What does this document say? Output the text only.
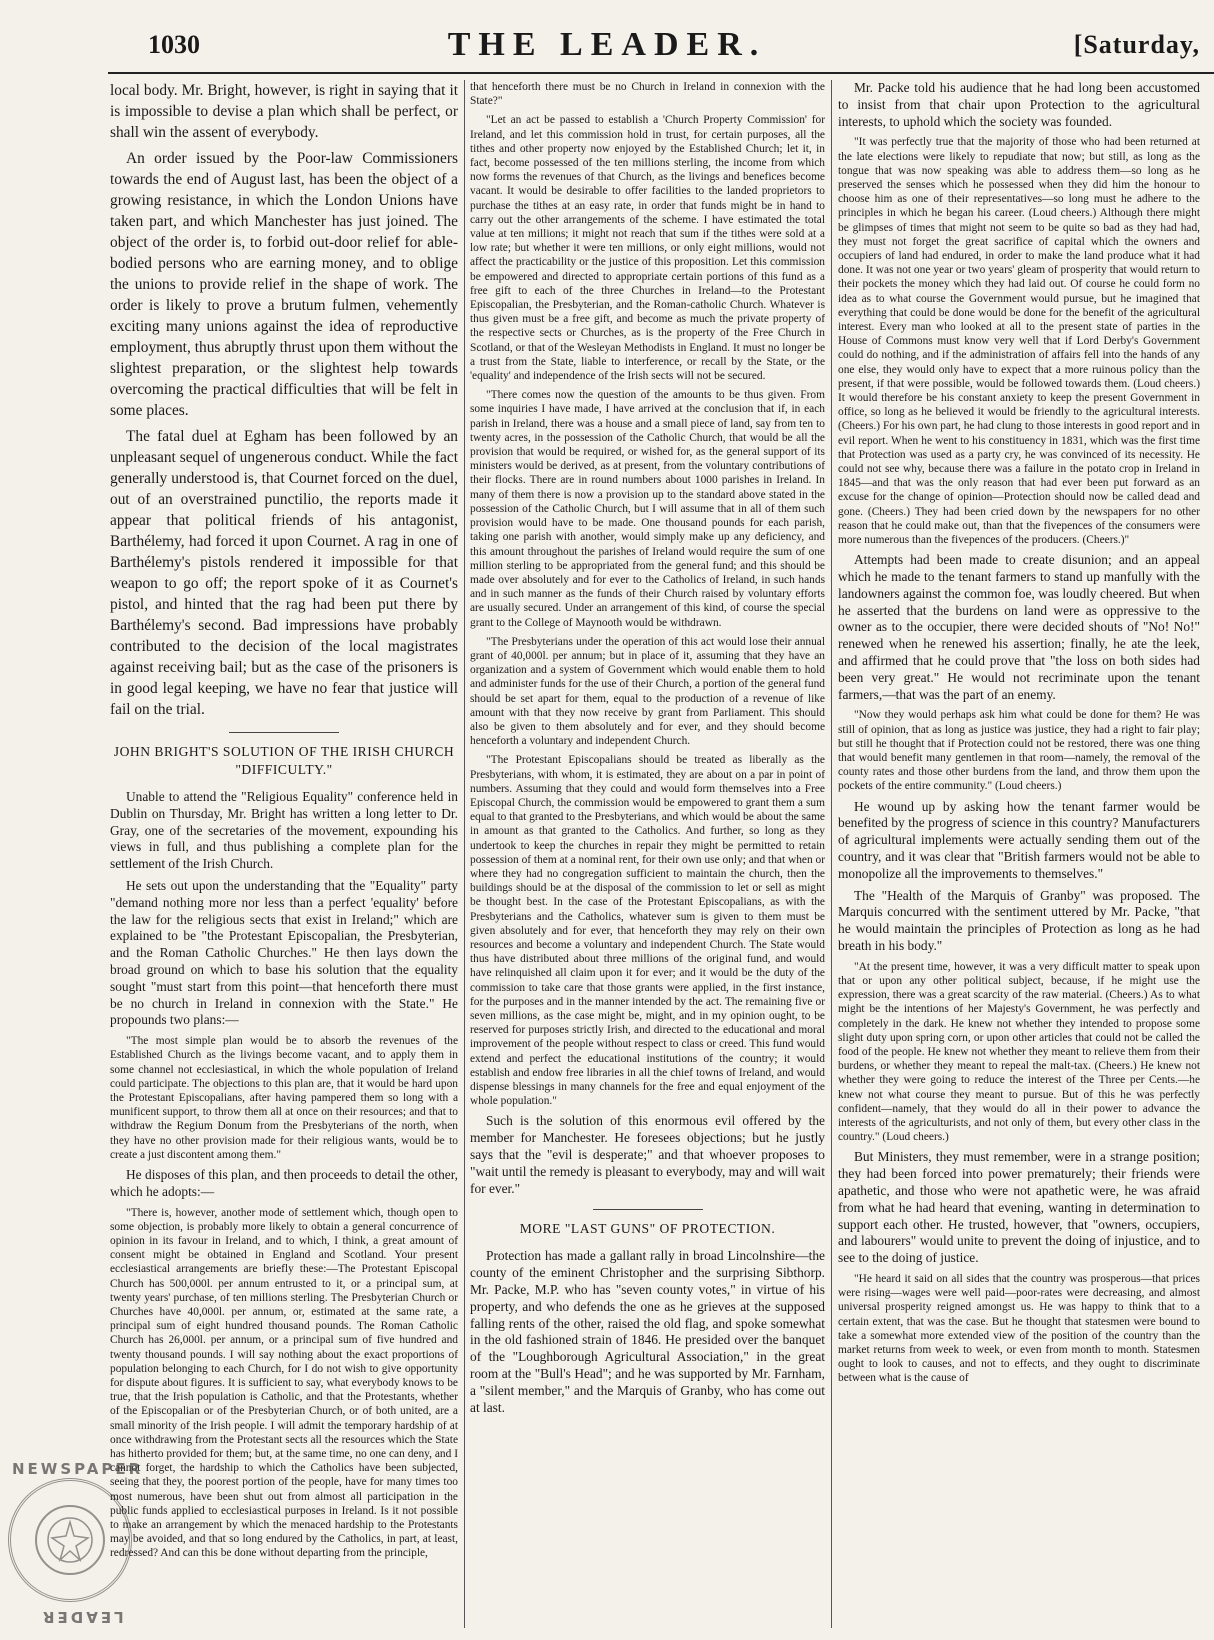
1030	THE LEADER.	[Saturday,

local body. Mr. Bright, however, is right in saying that it is impossible to devise a plan which shall be perfect, or shall win the assent of everybody.

An order issued by the Poor-law Commissioners towards the end of August last, has been the object of a growing resistance, in which the London Unions have taken part, and which Manchester has just joined. The object of the order is, to forbid out-door relief for able-bodied persons who are earning money, and to oblige the unions to provide relief in the shape of work. The order is likely to prove a brutum fulmen, vehemently exciting many unions against the idea of reproductive employment, thus abruptly thrust upon them without the slightest preparation, or the slightest help towards overcoming the practical difficulties that will be felt in some places.

The fatal duel at Egham has been followed by an unpleasant sequel of ungenerous conduct. While the fact generally understood is, that Cournet forced on the duel, out of an overstrained punctilio, the reports made it appear that political friends of his antagonist, Barthélemy, had forced it upon Cournet. A rag in one of Barthélemy's pistols rendered it impossible for that weapon to go off; the report spoke of it as Cournet's pistol, and hinted that the rag had been put there by Barthélemy's second. Bad impressions have probably contributed to the decision of the local magistrates against receiving bail; but as the case of the prisoners is in good legal keeping, we have no fear that justice will fail on the trial.

JOHN BRIGHT'S SOLUTION OF THE IRISH CHURCH "DIFFICULTY."

Unable to attend the "Religious Equality" conference held in Dublin on Thursday, Mr. Bright has written a long letter to Dr. Gray, one of the secretaries of the movement, expounding his views in full, and thus publishing a complete plan for the settlement of the Irish Church.

He sets out upon the understanding that the "Equality" party "demand nothing more nor less than a perfect 'equality' before the law for the religious sects that exist in Ireland;" which are explained to be "the Protestant Episcopalian, the Presbyterian, and the Roman Catholic Churches." He then lays down the broad ground on which to base his solution that the equality sought "must start from this point—that henceforth there must be no church in Ireland in connexion with the State." He propounds two plans:—

"The most simple plan would be to absorb the revenues of the Established Church as the livings become vacant, and to apply them in some channel not ecclesiastical, in which the whole population of Ireland could participate. The objections to this plan are, that it would be hard upon the Protestant Episcopalians, after having pampered them so long with a munificent support, to throw them all at once on their resources; and that to withdraw the Regium Donum from the Presbyterians of the north, when they have no other provision made for their religious wants, would be to create a just discontent among them."

He disposes of this plan, and then proceeds to detail the other, which he adopts:—

"There is, however, another mode of settlement which, though open to some objection, is probably more likely to obtain a general concurrence of opinion in its favour in Ireland, and to which, I think, a great amount of consent might be obtained in England and Scotland. Your present ecclesiastical arrangements are briefly these:—The Protestant Episcopal Church has 500,000l. per annum entrusted to it, or a principal sum, at twenty years' purchase, of ten millions sterling. The Presbyterian Church or Churches have 40,000l. per annum, or, estimated at the same rate, a principal sum of eight hundred thousand pounds. The Roman Catholic Church has 26,000l. per annum, or a principal sum of five hundred and twenty thousand pounds. I will say nothing about the exact proportions of population belonging to each Church, for I do not wish to give opportunity for dispute about figures. It is sufficient to say, what everybody knows to be true, that the Irish population is Catholic, and that the Protestants, whether of the Episcopalian or of the Presbyterian Church, or of both united, are a small minority of the Irish people. I will admit the temporary hardship of at once withdrawing from the Protestant sects all the resources which the State has hitherto provided for them; but, at the same time, no one can deny, and I cannot forget, the hardship to which the Catholics have been subjected, seeing that they, the poorest portion of the people, have for many times too most numerous, have been shut out from almost all participation in the public funds applied to ecclesiastical purposes in Ireland. Is it not possible to make an arrangement by which the menaced hardship to the Protestants may be avoided, and that so long endured by the Catholics, in part, at least, redressed? And can this be done without departing from the principle,

that henceforth there must be no Church in Ireland in connexion with the State?"

"Let an act be passed to establish a 'Church Property Commission' for Ireland, and let this commission hold in trust, for certain purposes, all the tithes and other property now enjoyed by the Established Church; let it, in fact, become possessed of the ten millions sterling, the income from which now forms the revenues of that Church, as the livings and benefices become vacant. It would be desirable to offer facilities to the landed proprietors to purchase the tithes at an easy rate, in order that funds might be in hand to carry out the other arrangements of the scheme. I have estimated the total value at ten millions; it might not reach that sum if the tithes were sold at a low rate; but whether it were ten millions, or only eight millions, would not affect the practicability or the justice of this proposition. Let this commission be empowered and directed to appropriate certain portions of this fund as a free gift to each of the three Churches in Ireland—to the Protestant Episcopalian, the Presbyterian, and the Roman-catholic Church. Whatever is thus given must be a free gift, and become as much the private property of the respective sects or Churches, as is the property of the Free Church in Scotland, or that of the Wesleyan Methodists in England. It must no longer be a trust from the State, liable to interference, or recall by the State, or the 'equality' and independence of the Irish sects will not be secured.

"There comes now the question of the amounts to be thus given. From some inquiries I have made, I have arrived at the conclusion that if, in each parish in Ireland, there was a house and a small piece of land, say from ten to twenty acres, in the possession of the Catholic Church, that would be all the provision that would be required, or wished for, as the general support of its ministers would be derived, as at present, from the voluntary contributions of their flocks. There are in round numbers about 1000 parishes in Ireland. In many of them there is now a provision up to the standard above stated in the possession of the Catholic Church, but I will assume that in all of them such provision would have to be made. One thousand pounds for each parish, taking one parish with another, would simply make up any deficiency, and this amount throughout the parishes of Ireland would require the sum of one million sterling to be appropriated from the general fund; and this should be made over absolutely and for ever to the Catholics of Ireland, in such hands and in such manner as the funds of their Church raised by voluntary efforts are usually secured. Under an arrangement of this kind, of course the special grant to the College of Maynooth would be withdrawn.

"The Presbyterians under the operation of this act would lose their annual grant of 40,000l. per annum; but in place of it, assuming that they have an organization and a system of Government which would enable them to hold and administer funds for the use of their Church, a portion of the general fund should be set apart for them, equal to the production of a revenue of like amount with that they now receive by grant from Parliament. This should also be given to them absolutely and for ever, and they should become henceforth a voluntary and independent Church.

"The Protestant Episcopalians should be treated as liberally as the Presbyterians, with whom, it is estimated, they are about on a par in point of numbers. Assuming that they could and would form themselves into a Free Episcopal Church, the commission would be empowered to grant them a sum equal to that granted to the Presbyterians, and which would be about the same in amount as that granted to the Catholics. And further, so long as they undertook to keep the churches in repair they might be permitted to retain possession of them at a nominal rent, for their own use only; and that when or where they had no congregation sufficient to maintain the church, then the buildings should be at the disposal of the commission to let or sell as might be thought best. In the case of the Protestant Episcopalians, as with the Presbyterians and the Catholics, whatever sum is given to them must be given absolutely and for ever, that henceforth they may rely on their own resources and become a voluntary and independent Church. The State would thus have distributed about three millions of the original fund, and would have relinquished all claim upon it for ever; and it would be the duty of the commission to take care that those grants were applied, in the first instance, for the purposes and in the manner intended by the act. The remaining five or seven millions, as the case might be, might, and in my opinion ought, to be reserved for purposes strictly Irish, and directed to the educational and moral improvement of the people without respect to class or creed. This fund would extend and perfect the educational institutions of the country; it would establish and endow free libraries in all the chief towns of Ireland, and would dispense blessings in many channels for the free and equal enjoyment of the whole population."

Such is the solution of this enormous evil offered by the member for Manchester. He foresees objections; but he justly says that the "evil is desperate;" and that whoever proposes to "wait until the remedy is pleasant to everybody, may and will wait for ever."

MORE "LAST GUNS" OF PROTECTION.

Protection has made a gallant rally in broad Lincolnshire—the county of the eminent Christopher and the surprising Sibthorp. Mr. Packe, M.P. who has "seven county votes," in virtue of his property, and who defends the one as he grieves at the supposed falling rents of the other, raised the old flag, and spoke somewhat in the old fashioned strain of 1846. He presided over the banquet of the "Loughborough Agricultural Association," in the great room at the "Bull's Head"; and he was supported by Mr. Farnham, a "silent member," and the Marquis of Granby, who has come out at last.

Mr. Packe told his audience that he had long been accustomed to insist from that chair upon Protection to the agricultural interests, to uphold which the society was founded.

"It was perfectly true that the majority of those who had been returned at the late elections were likely to repudiate that now; but still, as long as the tongue that was now speaking was able to address them—so long as he preserved the senses which he possessed when they did him the honour to choose him as one of their representatives—so long must he adhere to the principles in which he began his career. (Loud cheers.) Although there might be glimpses of times that might not seem to be quite so bad as they had had, they must not forget the great sacrifice of capital which the owners and occupiers of land had endured, in order to make the land produce what it had done. It was not one year or two years' gleam of prosperity that would return to their pockets the money which they had laid out. Of course he could form no idea as to what course the Government would pursue, but he imagined that everything that could be done would be done for the benefit of the agricultural interest. Every man who looked at all to the present state of parties in the House of Commons must know very well that if Lord Derby's Government could do nothing, and if the administration of affairs fell into the hands of any one else, they would only have to expect that a more ruinous policy than the present, if that were possible, would be followed towards them. (Loud cheers.) It would therefore be his constant anxiety to keep the present Government in office, so long as he believed it would be friendly to the agricultural interests. (Cheers.) For his own part, he had clung to those interests in good report and in evil report. When he went to his constituency in 1831, which was the first time that Protection was used as a party cry, he was convinced of its necessity. He could not see why, because there was a failure in the potato crop in Ireland in 1845—and that was the only reason that had ever been put forward as an excuse for the change of opinion—Protection should now be called dead and gone. (Cheers.) They had been cried down by the newspapers for no other reason that he could make out, than that the fivepences of the consumers were more numerous than the fivepences of the producers. (Cheers.)"

Attempts had been made to create disunion; and an appeal which he made to the tenant farmers to stand up manfully with the landowners against the common foe, was loudly cheered. But when he asserted that the burdens on land were as oppressive to the owner as to the occupier, there were decided shouts of "No! No!" renewed when he renewed his assertion; finally, he ate the leek, and affirmed that he could prove that "the loss on both sides had been very great." He would not recriminate upon the tenant farmers,—that was the part of an enemy.

"Now they would perhaps ask him what could be done for them? He was still of opinion, that as long as justice was justice, they had a right to fair play; but still he thought that if Protection could not be restored, there was one thing that would benefit many gentlemen in that room—namely, the removal of the county rates and those other burdens from the land, and throw them upon the pockets of the entire community." (Loud cheers.)

He wound up by asking how the tenant farmer would be benefited by the progress of science in this country? Manufacturers of agricultural implements were actually sending them out of the country, and it was clear that "British farmers would not be able to monopolize all the improvements to themselves."

The "Health of the Marquis of Granby" was proposed. The Marquis concurred with the sentiment uttered by Mr. Packe, "that he would maintain the principles of Protection as long as he had breath in his body."

"At the present time, however, it was a very difficult matter to speak upon that or upon any other political subject, because, if he might use the expression, there was a great scarcity of the raw material. (Cheers.) As to what might be the intentions of her Majesty's Government, he was perfectly and completely in the dark. He knew not whether they intended to propose some slight duty upon spring corn, or upon other articles that could not be called the food of the people. He knew not whether they meant to relieve them from their burdens, or whether they meant to repeal the malt-tax. (Cheers.) He knew not whether they were going to reduce the interest of the Three per Cents.—he knew not what course they meant to pursue. But of this he was perfectly confident—namely, that they would do all in their power to advance the interests of the agriculturists, and not only of them, but every other class in the country." (Loud cheers.)

But Ministers, they must remember, were in a strange position; they had been forced into power prematurely; their friends were apathetic, and those who were not apathetic were, he was afraid from what he had heard that evening, wanting in determination to support each other. He trusted, however, that "owners, occupiers, and labourers" would unite to prevent the doing of injustice, and to see to the doing of justice.

"He heard it said on all sides that the country was prosperous—that prices were rising—wages were well paid—poor-rates were decreasing, and almost universal prosperity reigned amongst us. He was happy to think that to a certain extent, that was the case. But he thought that statesmen were bound to take a somewhat more extended view of the position of the country than the market returns from week to week, or even from month to month. Statesmen ought to look to causes, and not to effects, and they ought to discriminate between what is the cause of

NEWSPAPER
LEADER
